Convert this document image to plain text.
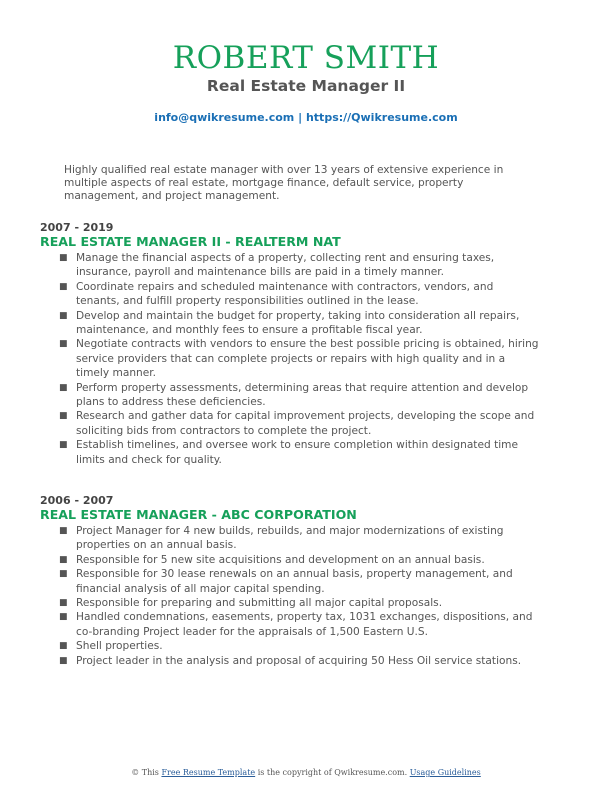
ROBERT SMITH
Real Estate Manager II
info@qwikresume.com | https://Qwikresume.com
Highly qualified real estate manager with over 13 years of extensive experience in multiple aspects of real estate, mortgage finance, default service, property management, and project management.
2007 - 2019
REAL ESTATE MANAGER II - REALTERM NAT
■ Manage the financial aspects of a property, collecting rent and ensuring taxes, insurance, payroll and maintenance bills are paid in a timely manner.
■ Coordinate repairs and scheduled maintenance with contractors, vendors, and tenants, and fulfill property responsibilities outlined in the lease.
■ Develop and maintain the budget for property, taking into consideration all repairs, maintenance, and monthly fees to ensure a profitable fiscal year.
■ Negotiate contracts with vendors to ensure the best possible pricing is obtained, hiring service providers that can complete projects or repairs with high quality and in a timely manner.
■ Perform property assessments, determining areas that require attention and develop plans to address these deficiencies.
■ Research and gather data for capital improvement projects, developing the scope and soliciting bids from contractors to complete the project.
■ Establish timelines, and oversee work to ensure completion within designated time limits and check for quality.
2006 - 2007
REAL ESTATE MANAGER - ABC CORPORATION
■ Project Manager for 4 new builds, rebuilds, and major modernizations of existing properties on an annual basis.
■ Responsible for 5 new site acquisitions and development on an annual basis.
■ Responsible for 30 lease renewals on an annual basis, property management, and financial analysis of all major capital spending.
■ Responsible for preparing and submitting all major capital proposals.
■ Handled condemnations, easements, property tax, 1031 exchanges, dispositions, and co-branding Project leader for the appraisals of 1,500 Eastern U.S.
■ Shell properties.
■ Project leader in the analysis and proposal of acquiring 50 Hess Oil service stations.
© This Free Resume Template is the copyright of Qwikresume.com. Usage Guidelines
